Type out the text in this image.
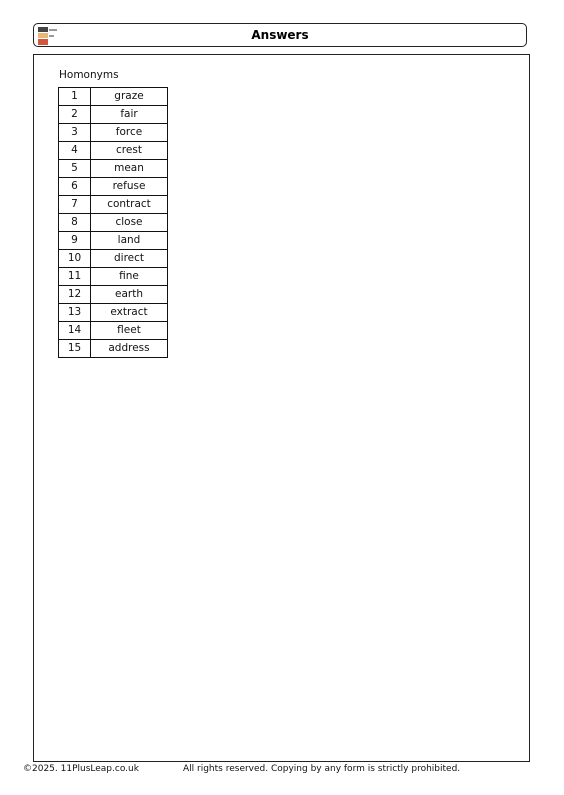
Answers
Homonyms
1	graze
2	fair
3	force
4	crest
5	mean
6	refuse
7	contract
8	close
9	land
10	direct
11	fine
12	earth
13	extract
14	fleet
15	address
©2025. 11PlusLeap.co.uk	All rights reserved. Copying by any form is strictly prohibited.
